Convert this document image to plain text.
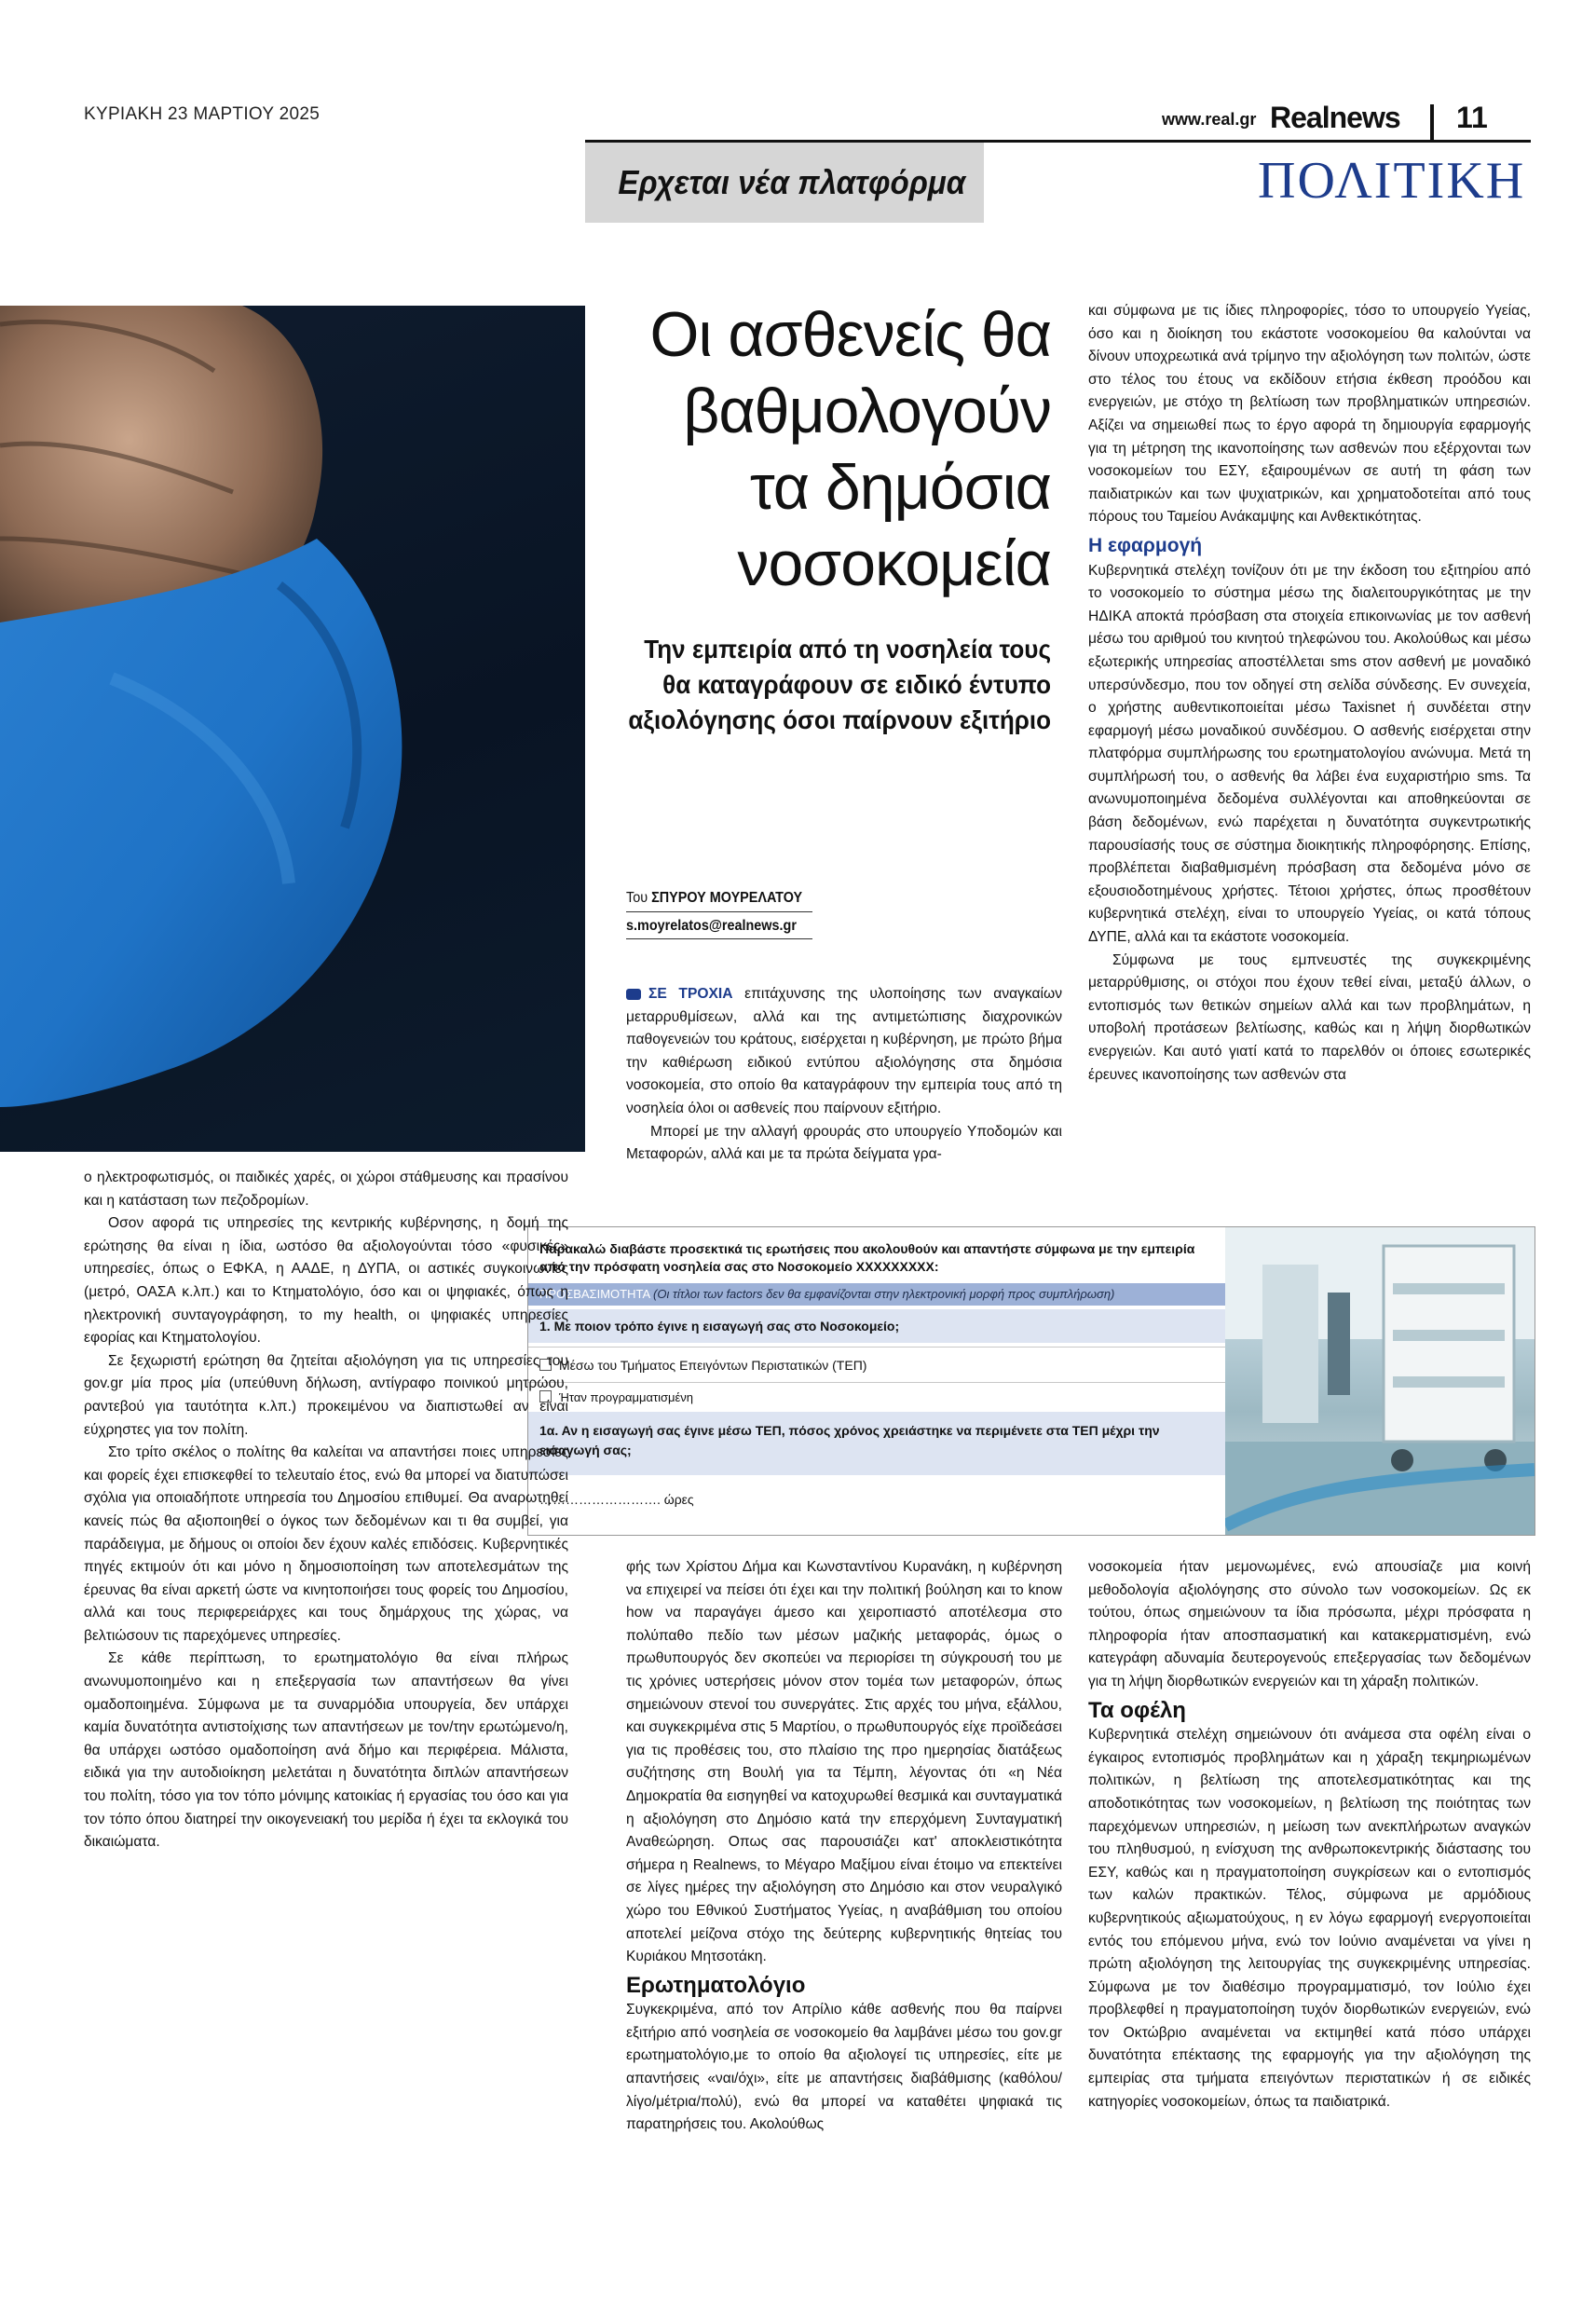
ΚΥΡΙΑΚΗ 23 ΜΑΡΤΙΟΥ 2025	www.real.gr Realnews 11
Ερχεται νέα πλατφόρμα	ΠΟΛΙΤΙΚΗ
Οι ασθενείς θα
βαθμολογούν
τα δημόσια
νοσοκομεία
Την εμπειρία από τη νοσηλεία τους
θα καταγράφουν σε ειδικό έντυπο
αξιολόγησης όσοι παίρνουν εξιτήριο
Του ΣΠΥΡΟΥ ΜΟΥΡΕΛΑΤΟΥ
s.moyrelatos@realnews.gr

ΣΕ ΤΡΟΧΙΑ επιτάχυνσης της υλοποίησης των αναγκαίων μεταρρυθμίσεων, αλλά και της αντιμετώπισης διαχρονικών παθογενειών του κράτους, εισέρχεται η κυβέρνηση, με πρώτο βήμα την καθιέρωση ειδικού εντύπου αξιολόγησης στα δημόσια νοσοκομεία, στο οποίο θα καταγράφουν την εμπειρία τους από τη νοσηλεία όλοι οι ασθενείς που παίρνουν εξιτήριο.

Μπορεί με την αλλαγή φρουράς στο υπουργείο Υποδομών και Μεταφορών, αλλά και με τα πρώτα δείγματα γρα-

και σύμφωνα με τις ίδιες πληροφορίες, τόσο το υπουργείο Υγείας, όσο και η διοίκηση του εκάστοτε νοσοκομείου θα καλούνται να δίνουν υποχρεωτικά ανά τρίμηνο την αξιολόγηση των πολιτών, ώστε στο τέλος του έτους να εκδίδουν ετήσια έκθεση προόδου και ενεργειών, με στόχο τη βελτίωση των προβληματικών υπηρεσιών. Αξίζει να σημειωθεί πως το έργο αφορά τη δημιουργία εφαρμογής για τη μέτρηση της ικανοποίησης των ασθενών που εξέρχονται των νοσοκομείων του ΕΣΥ, εξαιρουμένων σε αυτή τη φάση των παιδιατρικών και των ψυχιατρικών, και χρηματοδοτείται από τους πόρους του Ταμείου Ανάκαμψης και Ανθεκτικότητας.

Η εφαρμογή

Κυβερνητικά στελέχη τονίζουν ότι με την έκδοση του εξιτηρίου από το νοσοκομείο το σύστημα μέσω της διαλειτουργικότητας με την ΗΔΙΚΑ αποκτά πρόσβαση στα στοιχεία επικοινωνίας με τον ασθενή μέσω του αριθμού του κινητού τηλεφώνου του. Ακολούθως και μέσω εξωτερικής υπηρεσίας αποστέλλεται sms στον ασθενή με μοναδικό υπερσύνδεσμο, που τον οδηγεί στη σελίδα σύνδεσης. Εν συνεχεία, ο χρήστης αυθεντικοποιείται μέσω Taxisnet ή συνδέεται στην εφαρμογή μέσω μοναδικού συνδέσμου. Ο ασθενής εισέρχεται στην πλατφόρμα συμπλήρωσης του ερωτηματολογίου ανώνυμα. Μετά τη συμπλήρωσή του, ο ασθενής θα λάβει ένα ευχαριστήριο sms. Τα ανωνυμοποιημένα δεδομένα συλλέγονται και αποθηκεύονται σε βάση δεδομένων, ενώ παρέχεται η δυνατότητα συγκεντρωτικής παρουσίασής τους σε σύστημα διοικητικής πληροφόρησης. Επίσης, προβλέπεται διαβαθμισμένη πρόσβαση στα δεδομένα μόνο σε εξουσιοδοτημένους χρήστες. Τέτοιοι χρήστες, όπως προσθέτουν κυβερνητικά στελέχη, είναι το υπουργείο Υγείας, οι κατά τόπους ΔΥΠΕ, αλλά και τα εκάστοτε νοσοκομεία.

Σύμφωνα με τους εμπνευστές της συγκεκριμένης μεταρρύθμισης, οι στόχοι που έχουν τεθεί είναι, μεταξύ άλλων, ο εντοπισμός των θετικών σημείων αλλά και των προβλημάτων, η υποβολή προτάσεων βελτίωσης, καθώς και η λήψη διορθωτικών ενεργειών. Και αυτό γιατί κατά το παρελθόν οι όποιες εσωτερικές έρευνες ικανοποίησης των ασθενών στα

Παρακαλώ διαβάστε προσεκτικά τις ερωτήσεις που ακολουθούν και απαντήστε σύμφωνα με την εμπειρία από την πρόσφατη νοσηλεία σας στο Νοσοκομείο ΧΧΧΧΧΧΧΧΧ:
ΠΡΟΣΒΑΣΙΜΟΤΗΤΑ (Οι τίτλοι των factors δεν θα εμφανίζονται στην ηλεκτρονική μορφή προς συμπλήρωση)
1. Με ποιον τρόπο έγινε η εισαγωγή σας στο Νοσοκομείο;
Μέσω του Τμήματος Επειγόντων Περιστατικών (ΤΕΠ)
Ήταν προγραμματισμένη
1α. Αν η εισαγωγή σας έγινε μέσω ΤΕΠ, πόσος χρόνος χρειάστηκε να περιμένετε στα ΤΕΠ μέχρι την εισαγωγή σας;
………………………. ώρες

ο ηλεκτροφωτισμός, οι παιδικές χαρές, οι χώροι στάθμευσης και πρασίνου και η κατάσταση των πεζοδρομίων.

Οσον αφορά τις υπηρεσίες της κεντρικής κυβέρνησης, η δομή της ερώτησης θα είναι η ίδια, ωστόσο θα αξιολογούνται τόσο «φυσικές» υπηρεσίες, όπως ο ΕΦΚΑ, η ΑΑΔΕ, η ΔΥΠΑ, οι αστικές συγκοινωνίες (μετρό, ΟΑΣΑ κ.λπ.) και το Κτηματολόγιο, όσο και οι ψηφιακές, όπως η ηλεκτρονική συνταγογράφηση, το my health, οι ψηφιακές υπηρεσίες εφορίας και Κτηματολογίου.

Σε ξεχωριστή ερώτηση θα ζητείται αξιολόγηση για τις υπηρεσίες του gov.gr μία προς μία (υπεύθυνη δήλωση, αντίγραφο ποινικού μητρώου, ραντεβού για ταυτότητα κ.λπ.) προκειμένου να διαπιστωθεί αν είναι εύχρηστες για τον πολίτη.

Στο τρίτο σκέλος ο πολίτης θα καλείται να απαντήσει ποιες υπηρεσίες και φορείς έχει επισκεφθεί το τελευταίο έτος, ενώ θα μπορεί να διατυπώσει σχόλια για οποιαδήποτε υπηρεσία του Δημοσίου επιθυμεί. Θα αναρωτηθεί κανείς πώς θα αξιοποιηθεί ο όγκος των δεδομένων και τι θα συμβεί, για παράδειγμα, με δήμους οι οποίοι δεν έχουν καλές επιδόσεις. Κυβερνητικές πηγές εκτιμούν ότι και μόνο η δημοσιοποίηση των αποτελεσμάτων της έρευνας θα είναι αρκετή ώστε να κινητοποιήσει τους φορείς του Δημοσίου, αλλά και τους περιφερειάρχες και τους δημάρχους της χώρας, να βελτιώσουν τις παρεχόμενες υπηρεσίες.

Σε κάθε περίπτωση, το ερωτηματολόγιο θα είναι πλήρως ανωνυμοποιημένο και η επεξεργασία των απαντήσεων θα γίνει ομαδοποιημένα. Σύμφωνα με τα συναρμόδια υπουργεία, δεν υπάρχει καμία δυνατότητα αντιστοίχισης των απαντήσεων με τον/την ερωτώμενο/η, θα υπάρχει ωστόσο ομαδοποίηση ανά δήμο και περιφέρεια. Μάλιστα, ειδικά για την αυτοδιοίκηση μελετάται η δυνατότητα διπλών απαντήσεων του πολίτη, τόσο για τον τόπο μόνιμης κατοικίας ή εργασίας του όσο και για τον τόπο όπου διατηρεί την οικογενειακή του μερίδα ή έχει τα εκλογικά του δικαιώματα.

φής των Χρίστου Δήμα και Κωνσταντίνου Κυρανάκη, η κυβέρνηση να επιχειρεί να πείσει ότι έχει και την πολιτική βούληση και το know how να παραγάγει άμεσο και χειροπιαστό αποτέλεσμα στο πολύπαθο πεδίο των μέσων μαζικής μεταφοράς, όμως ο πρωθυπουργός δεν σκοπεύει να περιορίσει τη σύγκρουσή του με τις χρόνιες υστερήσεις μόνον στον τομέα των μεταφορών, όπως σημειώνουν στενοί του συνεργάτες. Στις αρχές του μήνα, εξάλλου, και συγκεκριμένα στις 5 Μαρτίου, ο πρωθυπουργός είχε προϊδεάσει για τις προθέσεις του, στο πλαίσιο της προ ημερησίας διατάξεως συζήτησης στη Βουλή για τα Τέμπη, λέγοντας ότι «η Νέα Δημοκρατία θα εισηγηθεί να κατοχυρωθεί θεσμικά και συνταγματικά η αξιολόγηση στο Δημόσιο κατά την επερχόμενη Συνταγματική Αναθεώρηση. Οπως σας παρουσιάζει κατ' αποκλειστικότητα σήμερα η Realnews, το Μέγαρο Μαξίμου είναι έτοιμο να επεκτείνει σε λίγες ημέρες την αξιολόγηση στο Δημόσιο και στον νευραλγικό χώρο του Εθνικού Συστήματος Υγείας, η αναβάθμιση του οποίου αποτελεί μείζονα στόχο της δεύτερης κυβερνητικής θητείας του Κυριάκου Μητσοτάκη.

Ερωτηματολόγιο

Συγκεκριμένα, από τον Απρίλιο κάθε ασθενής που θα παίρνει εξιτήριο από νοσηλεία σε νοσοκομείο θα λαμβάνει μέσω του gov.gr ερωτηματολόγιο,με το οποίο θα αξιολογεί τις υπηρεσίες, είτε με απαντήσεις «ναι/όχι», είτε με απαντήσεις διαβάθμισης (καθόλου/λίγο/μέτρια/πολύ), ενώ θα μπορεί να καταθέτει ψηφιακά τις παρατηρήσεις του. Ακολούθως

νοσοκομεία ήταν μεμονωμένες, ενώ απουσίαζε μια κοινή μεθοδολογία αξιολόγησης στο σύνολο των νοσοκομείων. Ως εκ τούτου, όπως σημειώνουν τα ίδια πρόσωπα, μέχρι πρόσφατα η πληροφορία ήταν αποσπασματική και κατακερματισμένη, ενώ κατεγράφη αδυναμία δευτερογενούς επεξεργασίας των δεδομένων για τη λήψη διορθωτικών ενεργειών και τη χάραξη πολιτικών.

Τα οφέλη

Κυβερνητικά στελέχη σημειώνουν ότι ανάμεσα στα οφέλη είναι ο έγκαιρος εντοπισμός προβλημάτων και η χάραξη τεκμηριωμένων πολιτικών, η βελτίωση της αποτελεσματικότητας και της αποδοτικότητας των νοσοκομείων, η βελτίωση της ποιότητας των παρεχόμενων υπηρεσιών, η μείωση των ανεκπλήρωτων αναγκών του πληθυσμού, η ενίσχυση της ανθρωποκεντρικής διάστασης του ΕΣΥ, καθώς και η πραγματοποίηση συγκρίσεων και ο εντοπισμός των καλών πρακτικών. Τέλος, σύμφωνα με αρμόδιους κυβερνητικούς αξιωματούχους, η εν λόγω εφαρμογή ενεργοποιείται εντός του επόμενου μήνα, ενώ τον Ιούνιο αναμένεται να γίνει η πρώτη αξιολόγηση της λειτουργίας της συγκεκριμένης υπηρεσίας. Σύμφωνα με τον διαθέσιμο προγραμματισμό, τον Ιούλιο έχει προβλεφθεί η πραγματοποίηση τυχόν διορθωτικών ενεργειών, ενώ τον Οκτώβριο αναμένεται να εκτιμηθεί κατά πόσο υπάρχει δυνατότητα επέκτασης της εφαρμογής για την αξιολόγηση της εμπειρίας στα τμήματα επειγόντων περιστατικών ή σε ειδικές κατηγορίες νοσοκομείων, όπως τα παιδιατρικά.
